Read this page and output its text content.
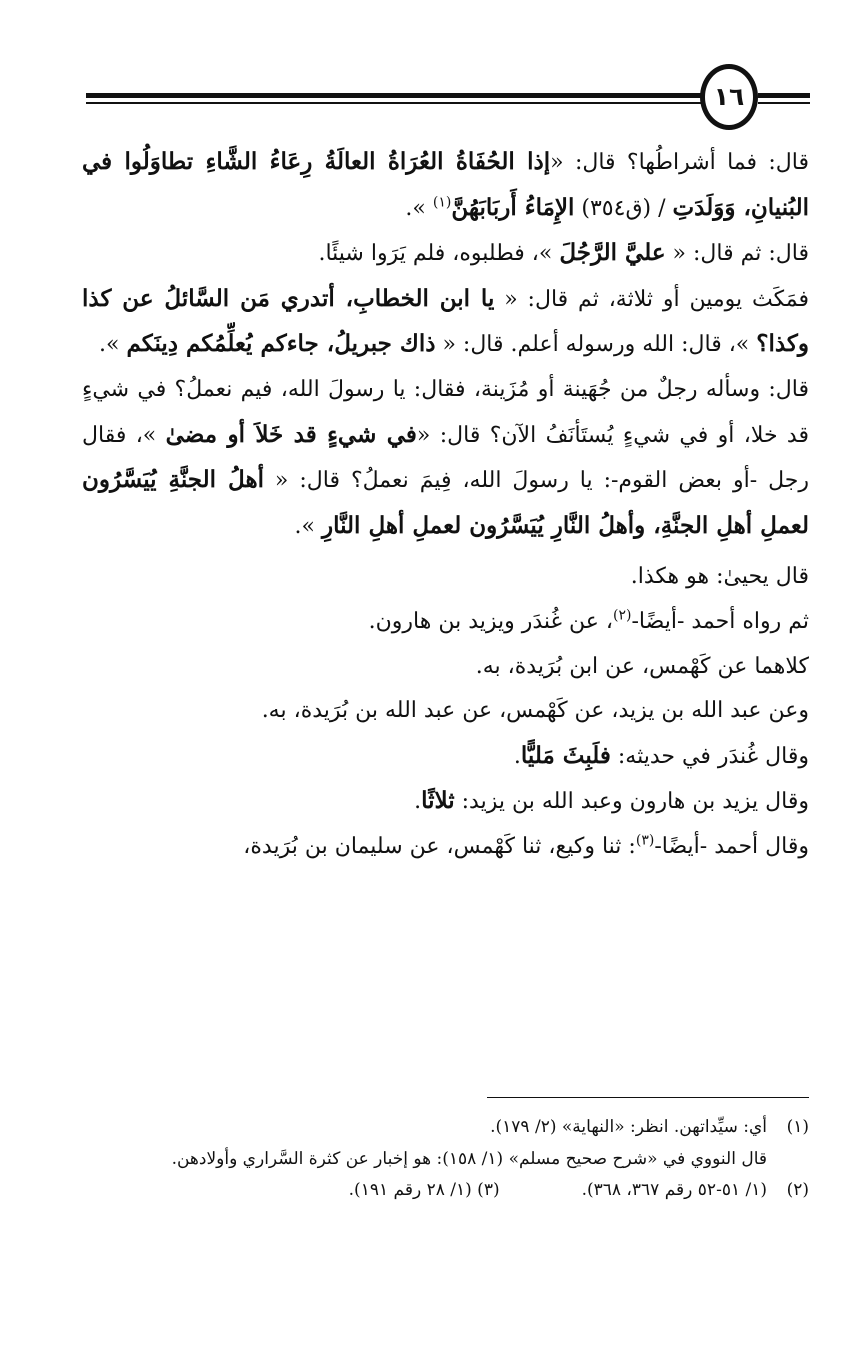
١٦

قال: فما أشراطُها؟ قال: «إذا الحُفَاةُ العُرَاةُ العالَةُ رِعَاءُ الشَّاءِ تطاوَلُوا في البُنيانِ، وَوَلَدَتِ / (ق٣٥٤) الإِمَاءُ أَربَابَهُنَّ$^{(١)}$ ».

قال: ثم قال: « عليَّ الرَّجُلَ »، فطلبوه، فلم يَرَوا شيئًا.

فمَكَث يومين أو ثلاثة، ثم قال: « يا ابن الخطابِ، أتدري مَن السَّائلُ عن كذا وكذا؟ »، قال: الله ورسوله أعلم. قال: « ذاك جبريلُ، جاءكم يُعلِّمُكم دِينَكم ».

قال: وسأله رجلٌ من جُهَينة أو مُزَينة، فقال: يا رسولَ الله، فيم نعملُ؟ في شيءٍ قد خلا، أو في شيءٍ يُستَأنَفُ الآن؟ قال: «في شيءٍ قد خَلاَ أو مضىٰ »، فقال رجل -أو بعض القوم-: يا رسولَ الله، فِيمَ نعملُ؟ قال: « أهلُ الجنَّةِ يُيَسَّرُون لعملِ أهلِ الجنَّةِ، وأهلُ النَّارِ يُيَسَّرُون لعملِ أهلِ النَّارِ ».

قال يحيىٰ: هو هكذا.

ثم رواه أحمد -أيضًا-$^{(٢)}$، عن غُندَر ويزيد بن هارون.

كلاهما عن كَهْمس، عن ابن بُرَيدة، به.

وعن عبد الله بن يزيد، عن كَهْمس، عن عبد الله بن بُرَيدة، به.

وقال غُندَر في حديثه: فلَبِثَ مَليًّا.

وقال يزيد بن هارون وعبد الله بن يزيد: ثلاثًا.

وقال أحمد -أيضًا-$^{(٣)}$: ثنا وكيع، ثنا كَهْمس، عن سليمان بن بُرَيدة،

(١)
أي: سيِّداتهن. انظر: «النهاية» (٢/ ١٧٩).

قال النووي في «شرح صحيح مسلم» (١/ ١٥٨): هو إخبار عن كثرة السَّراري وأولادهن.

(٢)
(١/ ٥١-٥٢ رقم ٣٦٧، ٣٦٨). (٣) (١/ ٢٨ رقم ١٩١).
